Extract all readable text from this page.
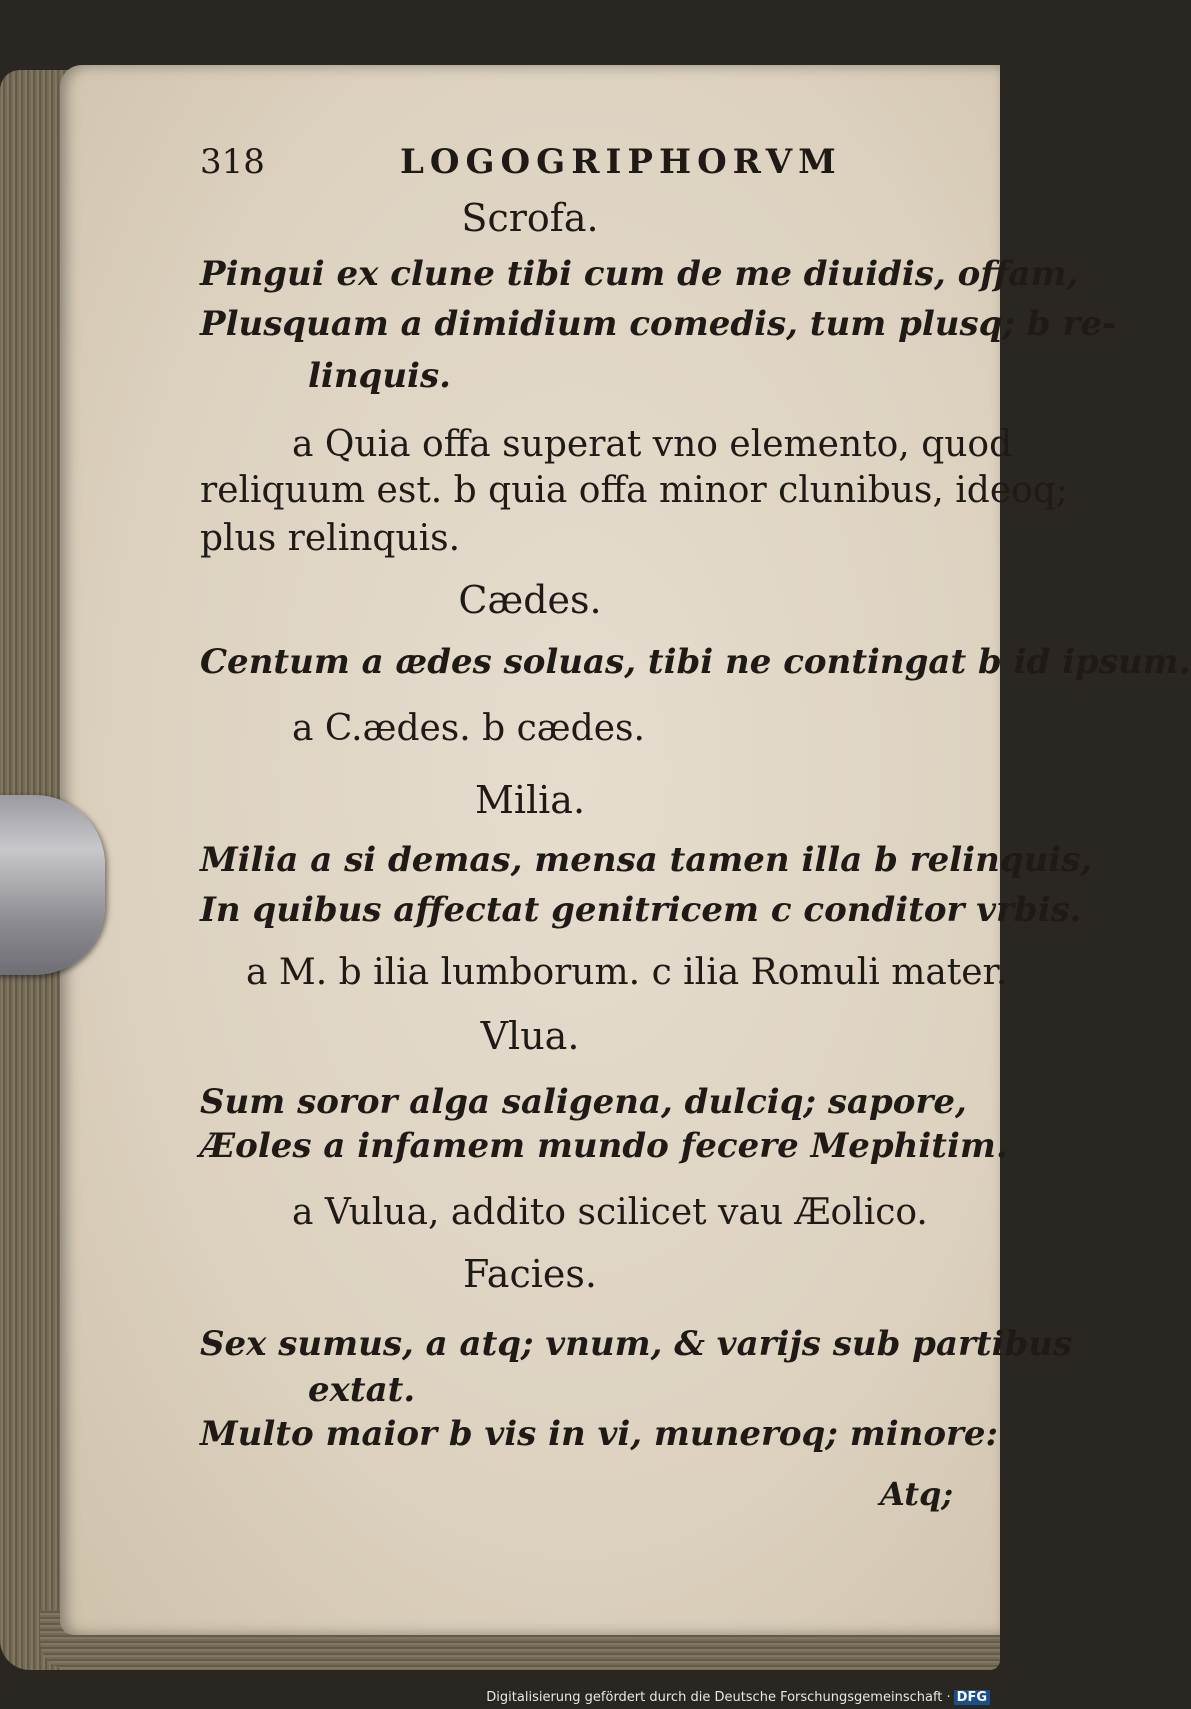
318	LOGOGRIPHORVM
Scrofa.
Pingui ex clune tibi cum de me diuidis, offam,
Plusquam a dimidium comedis, tum plusq; b re-
linquis.
a Quia offa superat vno elemento, quod
reliquum est. b quia offa minor clunibus, ideoq;
plus relinquis.
Cædes.
Centum a ædes soluas, tibi ne contingat b id ipsum.
a C.ædes. b cædes.
Milia.
Milia a si demas, mensa tamen illa b relinquis,
In quibus affectat genitricem c conditor vrbis.
a M. b ilia lumborum. c ilia Romuli mater.
Vlua.
Sum soror alga saligena, dulciq; sapore,
Æoles a infamem mundo fecere Mephitim.
a Vulua, addito scilicet vau Æolico.
Facies.
Sex sumus, a atq; vnum, & varijs sub partibus
extat.
Multo maior b vis in vi, muneroq; minore:
Atq;
Digitalisierung gefördert durch die Deutsche Forschungsgemeinschaft · DFG
